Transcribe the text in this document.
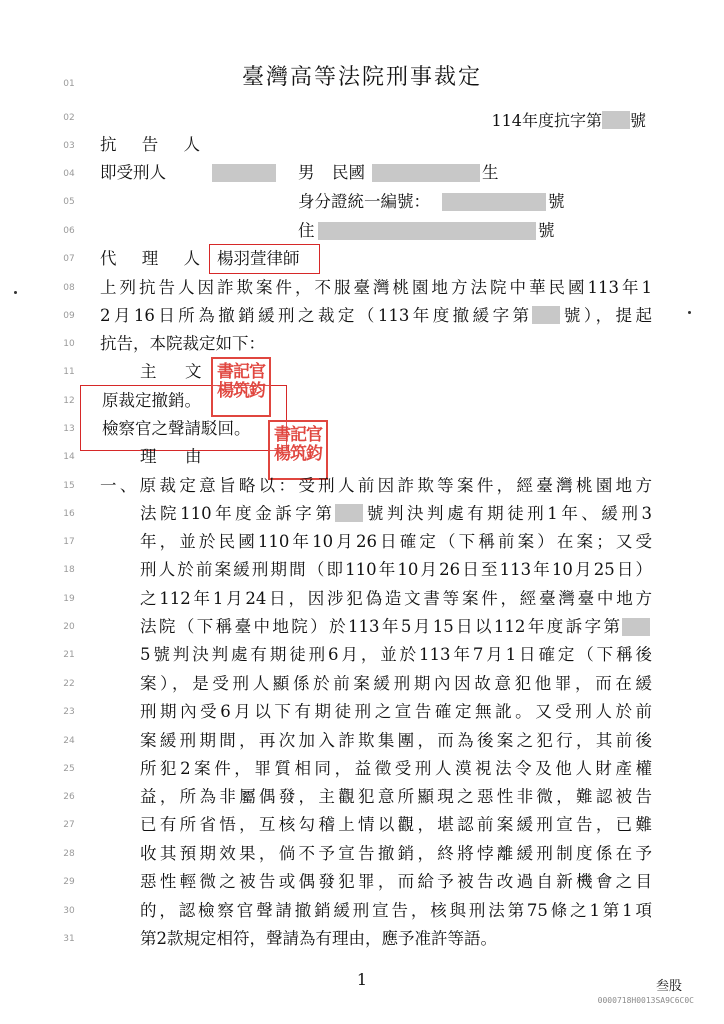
臺灣高等法院刑事裁定
114年度抗字第 號
01
02
03
04
05
06
07
08
09
10
11
12
13
14
15
16
17
18
19
20
21
22
23
24
25
26
27
28
29
30
31
抗 告 人
即受刑人	男 民國	生
身分證統一編號：	號
住	號
代 理 人 楊羽萱律師
上列抗告人因詐欺案件，不服臺灣桃園地方法院中華民國113年1
2月16日所為撤銷緩刑之裁定（113年度撤緩字第 號），提起
抗告，本院裁定如下：
主　文
原裁定撤銷。
檢察官之聲請駁回。
書記官
楊筑鈞
書記官
楊筑鈞
理　由
一、原裁定意旨略以：受刑人前因詐欺等案件，經臺灣桃園地方
法院110年度金訴字第 號判決判處有期徒刑1年、緩刑3
年，並於民國110年10月26日確定（下稱前案）在案；又受
刑人於前案緩刑期間（即110年10月26日至113年10月25日）
之112年1月24日，因涉犯偽造文書等案件，經臺灣臺中地方
法院（下稱臺中地院）於113年5月15日以112年度訴字第
5號判決判處有期徒刑6月，並於113年7月1日確定（下稱後
案），是受刑人顯係於前案緩刑期內因故意犯他罪，而在緩
刑期內受6月以下有期徒刑之宣告確定無訛。又受刑人於前
案緩刑期間，再次加入詐欺集團，而為後案之犯行，其前後
所犯2案件，罪質相同，益徵受刑人漠視法令及他人財產權
益，所為非屬偶發，主觀犯意所顯現之惡性非微，難認被告
已有所省悟，互核勾稽上情以觀，堪認前案緩刑宣告，已難
收其預期效果，倘不予宣告撤銷，終將悖離緩刑制度係在予
惡性輕微之被告或偶發犯罪，而給予被告改過自新機會之目
的，認檢察官聲請撤銷緩刑宣告，核與刑法第75條之1第1項
第2款規定相符，聲請為有理由，應予准許等語。
1	叁股
0000718H0013SA9C6C0C
